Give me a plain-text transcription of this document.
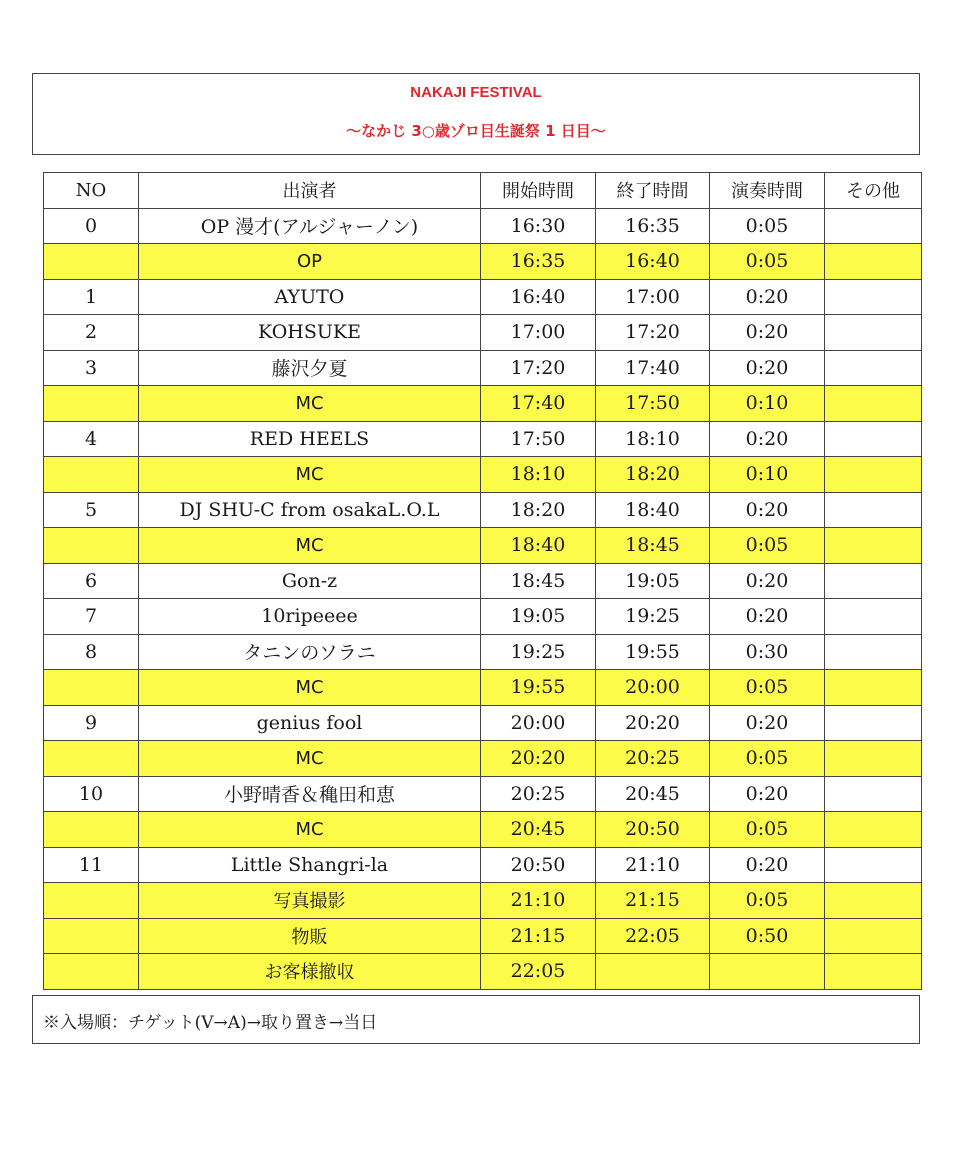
NAKAJI FESTIVAL
〜なかじ 3○歳ゾロ目生誕祭 1 日目〜
NO	出演者	開始時間	終了時間	演奏時間	その他
0	OP 漫才(アルジャーノン)	16:30	16:35	0:05	
	OP	16:35	16:40	0:05	
1	AYUTO	16:40	17:00	0:20	
2	KOHSUKE	17:00	17:20	0:20	
3	藤沢夕夏	17:20	17:40	0:20	
	MC	17:40	17:50	0:10	
4	RED HEELS	17:50	18:10	0:20	
	MC	18:10	18:20	0:10	
5	DJ SHU-C from osakaL.O.L	18:20	18:40	0:20	
	MC	18:40	18:45	0:05	
6	Gon-z	18:45	19:05	0:20	
7	10ripeeee	19:05	19:25	0:20	
8	タニンのソラニ	19:25	19:55	0:30	
	MC	19:55	20:00	0:05	
9	genius fool	20:00	20:20	0:20	
	MC	20:20	20:25	0:05	
10	小野晴香＆穐田和恵	20:25	20:45	0:20	
	MC	20:45	20:50	0:05	
11	Little Shangri-la	20:50	21:10	0:20	
	写真撮影	21:10	21:15	0:05	
	物販	21:15	22:05	0:50	
	お客様撤収	22:05			
※入場順：チゲット(V→A)→取り置き→当日
